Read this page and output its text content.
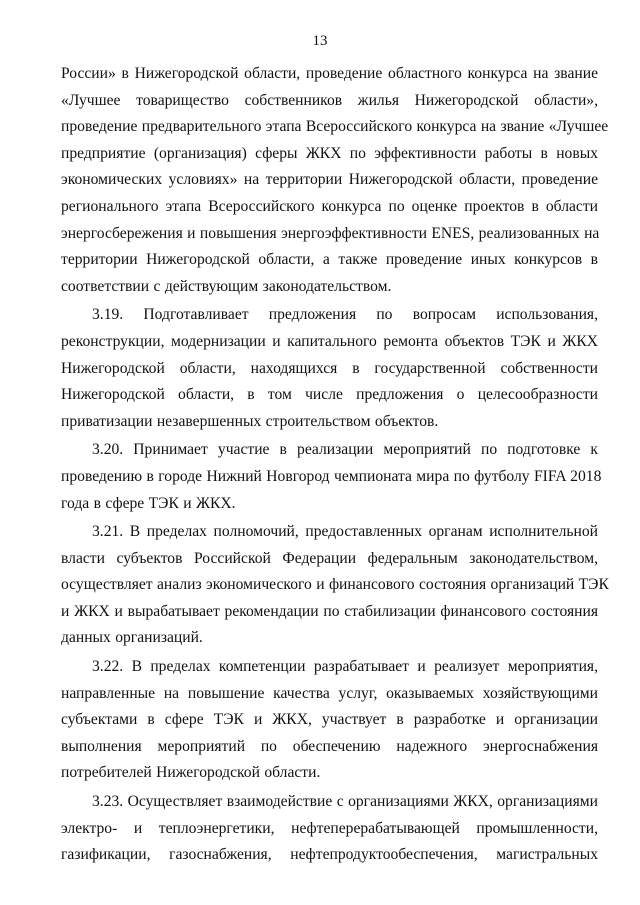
13

России» в Нижегородской области, проведение областного конкурса на звание
«Лучшее товарищество собственников жилья Нижегородской области»,
проведение предварительного этапа Всероссийского конкурса на звание «Лучшее
предприятие (организация) сферы ЖКХ по эффективности работы в новых
экономических условиях» на территории Нижегородской области, проведение
регионального этапа Всероссийского конкурса по оценке проектов в области
энергосбережения и повышения энергоэффективности ENES, реализованных на
территории Нижегородской области, а также проведение иных конкурсов в
соответствии с действующим законодательством.

3.19. Подготавливает предложения по вопросам использования,
реконструкции, модернизации и капитального ремонта объектов ТЭК и ЖКХ
Нижегородской области, находящихся в государственной собственности
Нижегородской области, в том числе предложения о целесообразности
приватизации незавершенных строительством объектов.

3.20. Принимает участие в реализации мероприятий по подготовке к
проведению в городе Нижний Новгород чемпионата мира по футболу FIFA 2018
года в сфере ТЭК и ЖКХ.

3.21. В пределах полномочий, предоставленных органам исполнительной
власти субъектов Российской Федерации федеральным законодательством,
осуществляет анализ экономического и финансового состояния организаций ТЭК
и ЖКХ и вырабатывает рекомендации по стабилизации финансового состояния
данных организаций.

3.22. В пределах компетенции разрабатывает и реализует мероприятия,
направленные на повышение качества услуг, оказываемых хозяйствующими
субъектами в сфере ТЭК и ЖКХ, участвует в разработке и организации
выполнения мероприятий по обеспечению надежного энергоснабжения
потребителей Нижегородской области.

3.23. Осуществляет взаимодействие с организациями ЖКХ, организациями
электро- и теплоэнергетики, нефтеперерабатывающей промышленности,
газификации, газоснабжения, нефтепродуктообеспечения, магистральных
